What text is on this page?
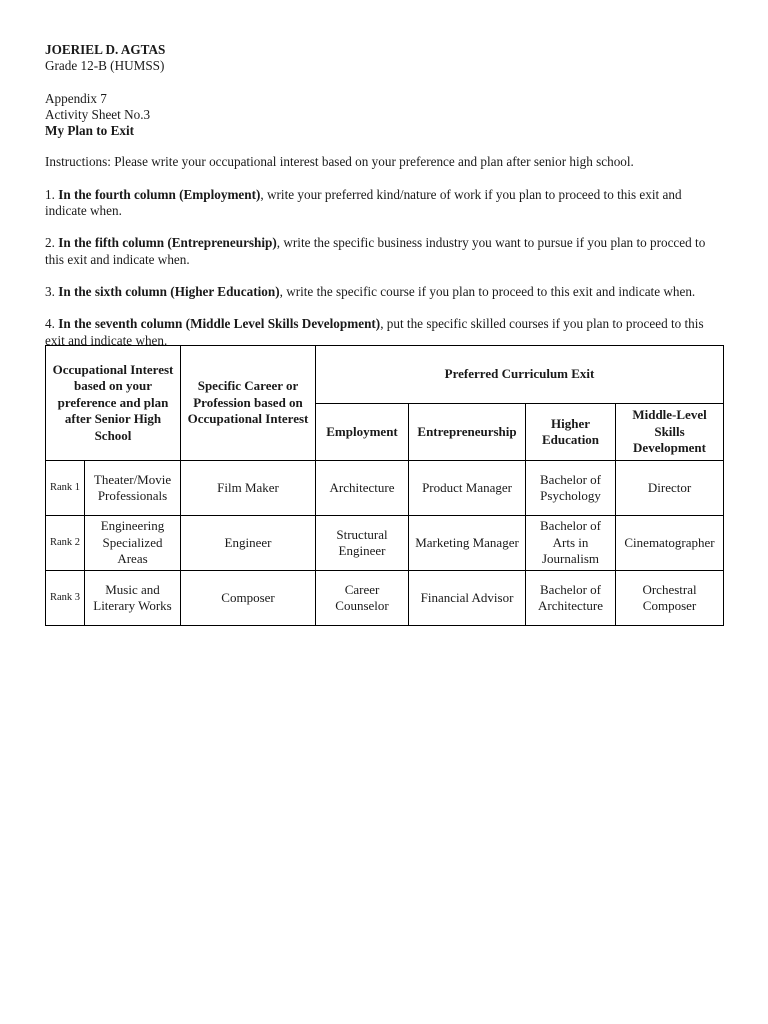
JOERIEL D. AGTAS
Grade 12-B (HUMSS)
Appendix 7
Activity Sheet No.3
My Plan to Exit
Instructions: Please write your occupational interest based on your preference and plan after senior high school.
1. In the fourth column (Employment), write your preferred kind/nature of work if you plan to proceed to this exit and indicate when.
2. In the fifth column (Entrepreneurship), write the specific business industry you want to pursue if you plan to procced to this exit and indicate when.
3. In the sixth column (Higher Education), write the specific course if you plan to proceed to this exit and indicate when.
4. In the seventh column (Middle Level Skills Development), put the specific skilled courses if you plan to proceed to this exit and indicate when.
Occupational Interest based on your preference and plan after Senior High School		Specific Career or Profession based on Occupational Interest	Preferred Curriculum Exit			
			Employment	Entrepreneurship	Higher Education	Middle-Level Skills Development
Rank 1	Theater/Movie Professionals	Film Maker	Architecture	Product Manager	Bachelor of Psychology	Director
Rank 2	Engineering Specialized Areas	Engineer	Structural Engineer	Marketing Manager	Bachelor of Arts in Journalism	Cinematographer
Rank 3	Music and Literary Works	Composer	Career Counselor	Financial Advisor	Bachelor of Architecture	Orchestral Composer
